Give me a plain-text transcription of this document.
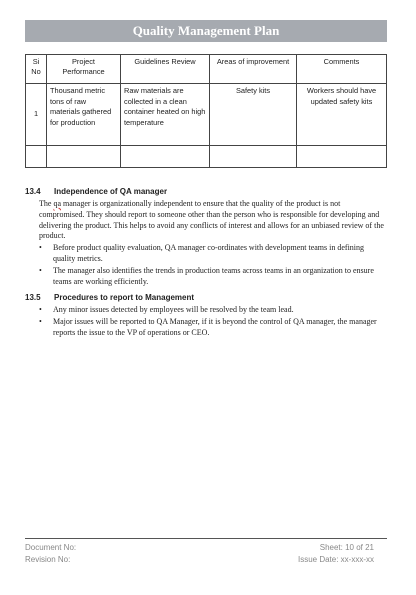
Quality Management Plan
Si No	Project Performance	Guidelines Review	Areas of improvement	Comments
1	Thousand metric tons of raw materials gathered for production	Raw materials are collected in a clean container heated on high temperature	Safety kits	Workers should have updated safety kits

13.4 Independence of QA manager
The qa manager is organizationally independent to ensure that the quality of the product is not compromised. They should report to someone other than the person who is responsible for developing and delivering the product. This helps to avoid any conflicts of interest and allows for an unbiased review of the product.
• Before product quality evaluation, QA manager co-ordinates with development teams in defining quality metrics.
• The manager also identifies the trends in production teams across teams in an organization to ensure teams are working efficiently.
13.5 Procedures to report to Management
• Any minor issues detected by employees will be resolved by the team lead.
• Major issues will be reported to QA Manager, if it is beyond the control of QA manager, the manager reports the issue to the VP of operations or CEO.
Document No:	Sheet: 10 of 21
Revision No:	Issue Date: xx-xxx-xx
